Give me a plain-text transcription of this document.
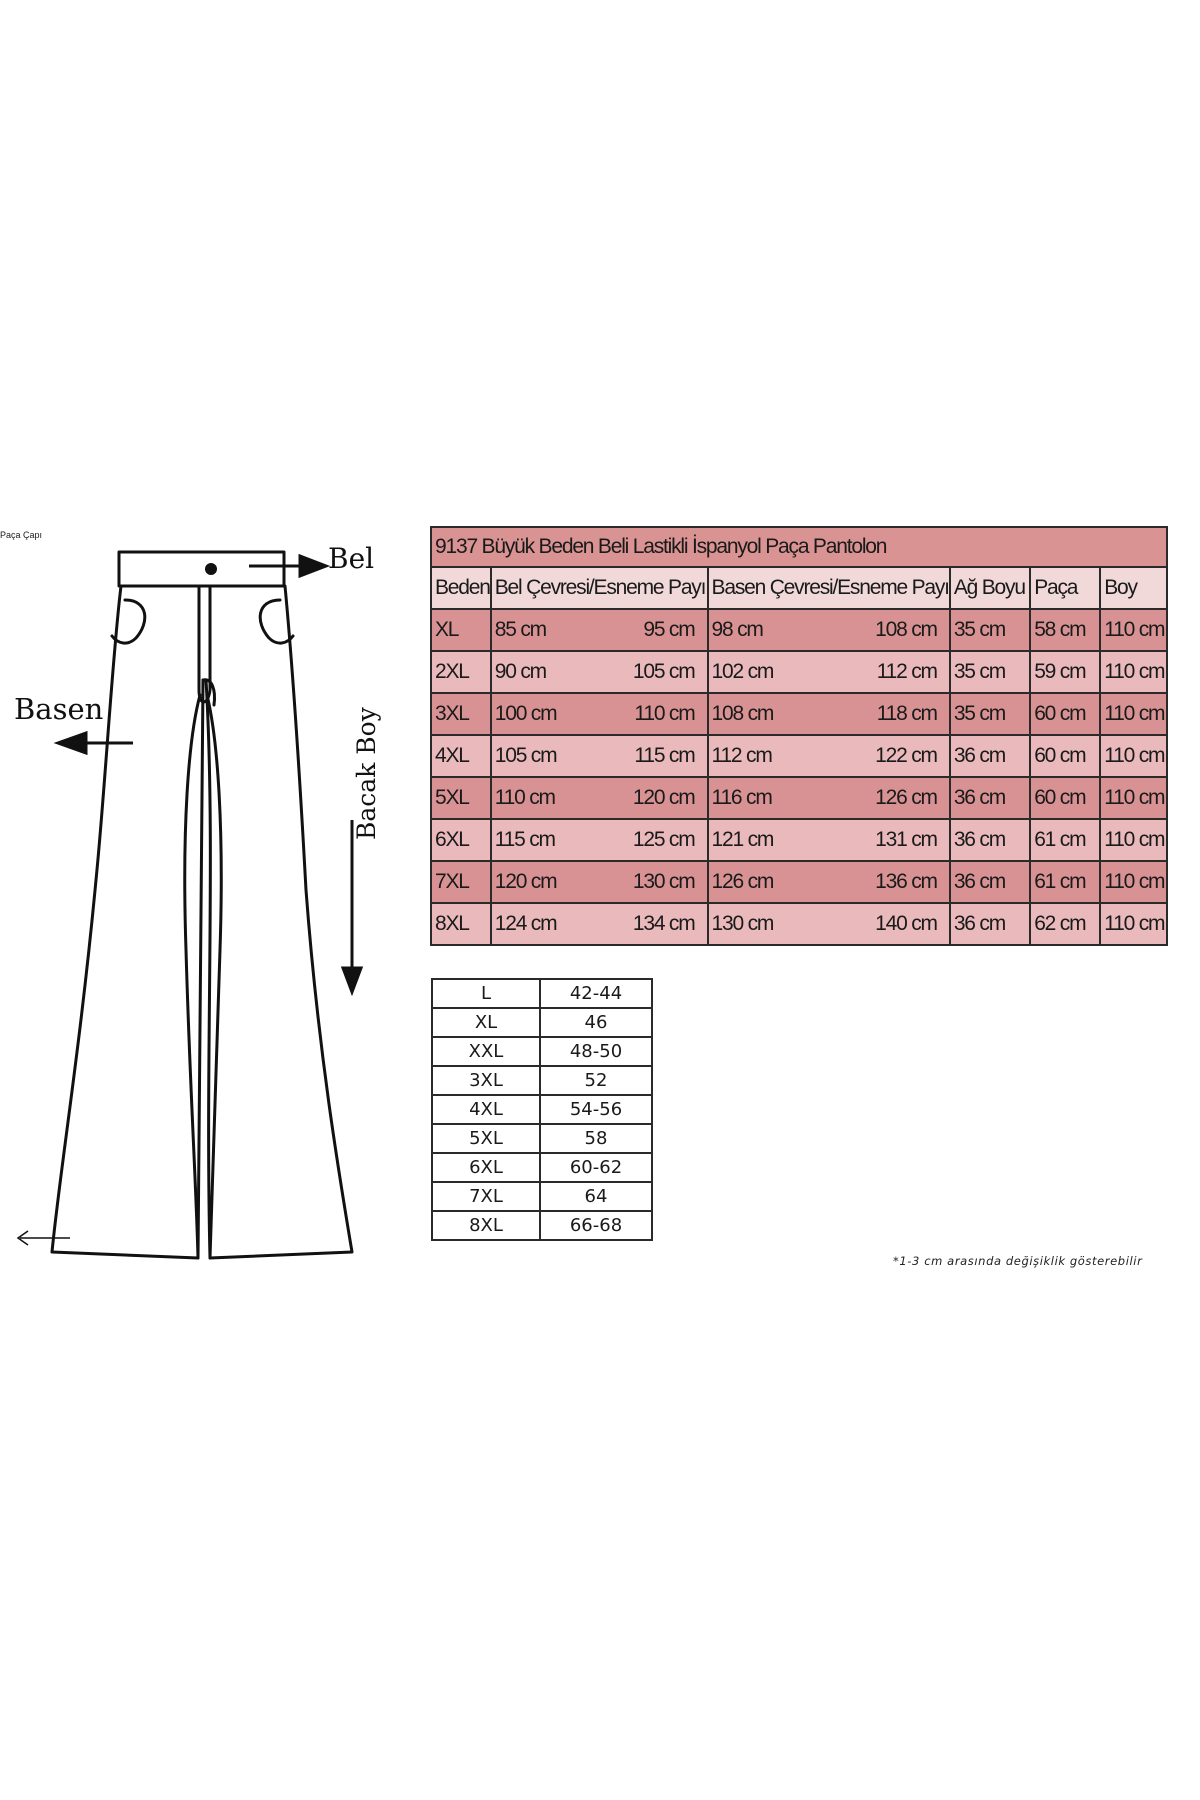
Bel
Basen	Bacak Boy
Paça Çapı	9137 Büyük Beden Beli Lastikli İspanyol Paça Pantolon					
Beden	Bel Çevresi/Esneme Payı	Basen Çevresi/Esneme Payı	Ağ Boyu	Paça	Boy
XL	85 cm 95 cm	98 cm 108 cm	35 cm	58 cm	110 cm
2XL	90 cm 105 cm	102 cm 112 cm	35 cm	59 cm	110 cm
3XL	100 cm 110 cm	108 cm 118 cm	35 cm	60 cm	110 cm
4XL	105 cm 115 cm	112 cm 122 cm	36 cm	60 cm	110 cm
5XL	110 cm 120 cm	116 cm 126 cm	36 cm	60 cm	110 cm
6XL	115 cm 125 cm	121 cm 131 cm	36 cm	61 cm	110 cm
7XL	120 cm 130 cm	126 cm 136 cm	36 cm	61 cm	110 cm
8XL	124 cm 134 cm	130 cm 140 cm	36 cm	62 cm	110 cm
L	42-44
XL	46
XXL	48-50
3XL	52
4XL	54-56
5XL	58
6XL	60-62
7XL	64
8XL	66-68
*1-3 cm arasında değişiklik gösterebilir
